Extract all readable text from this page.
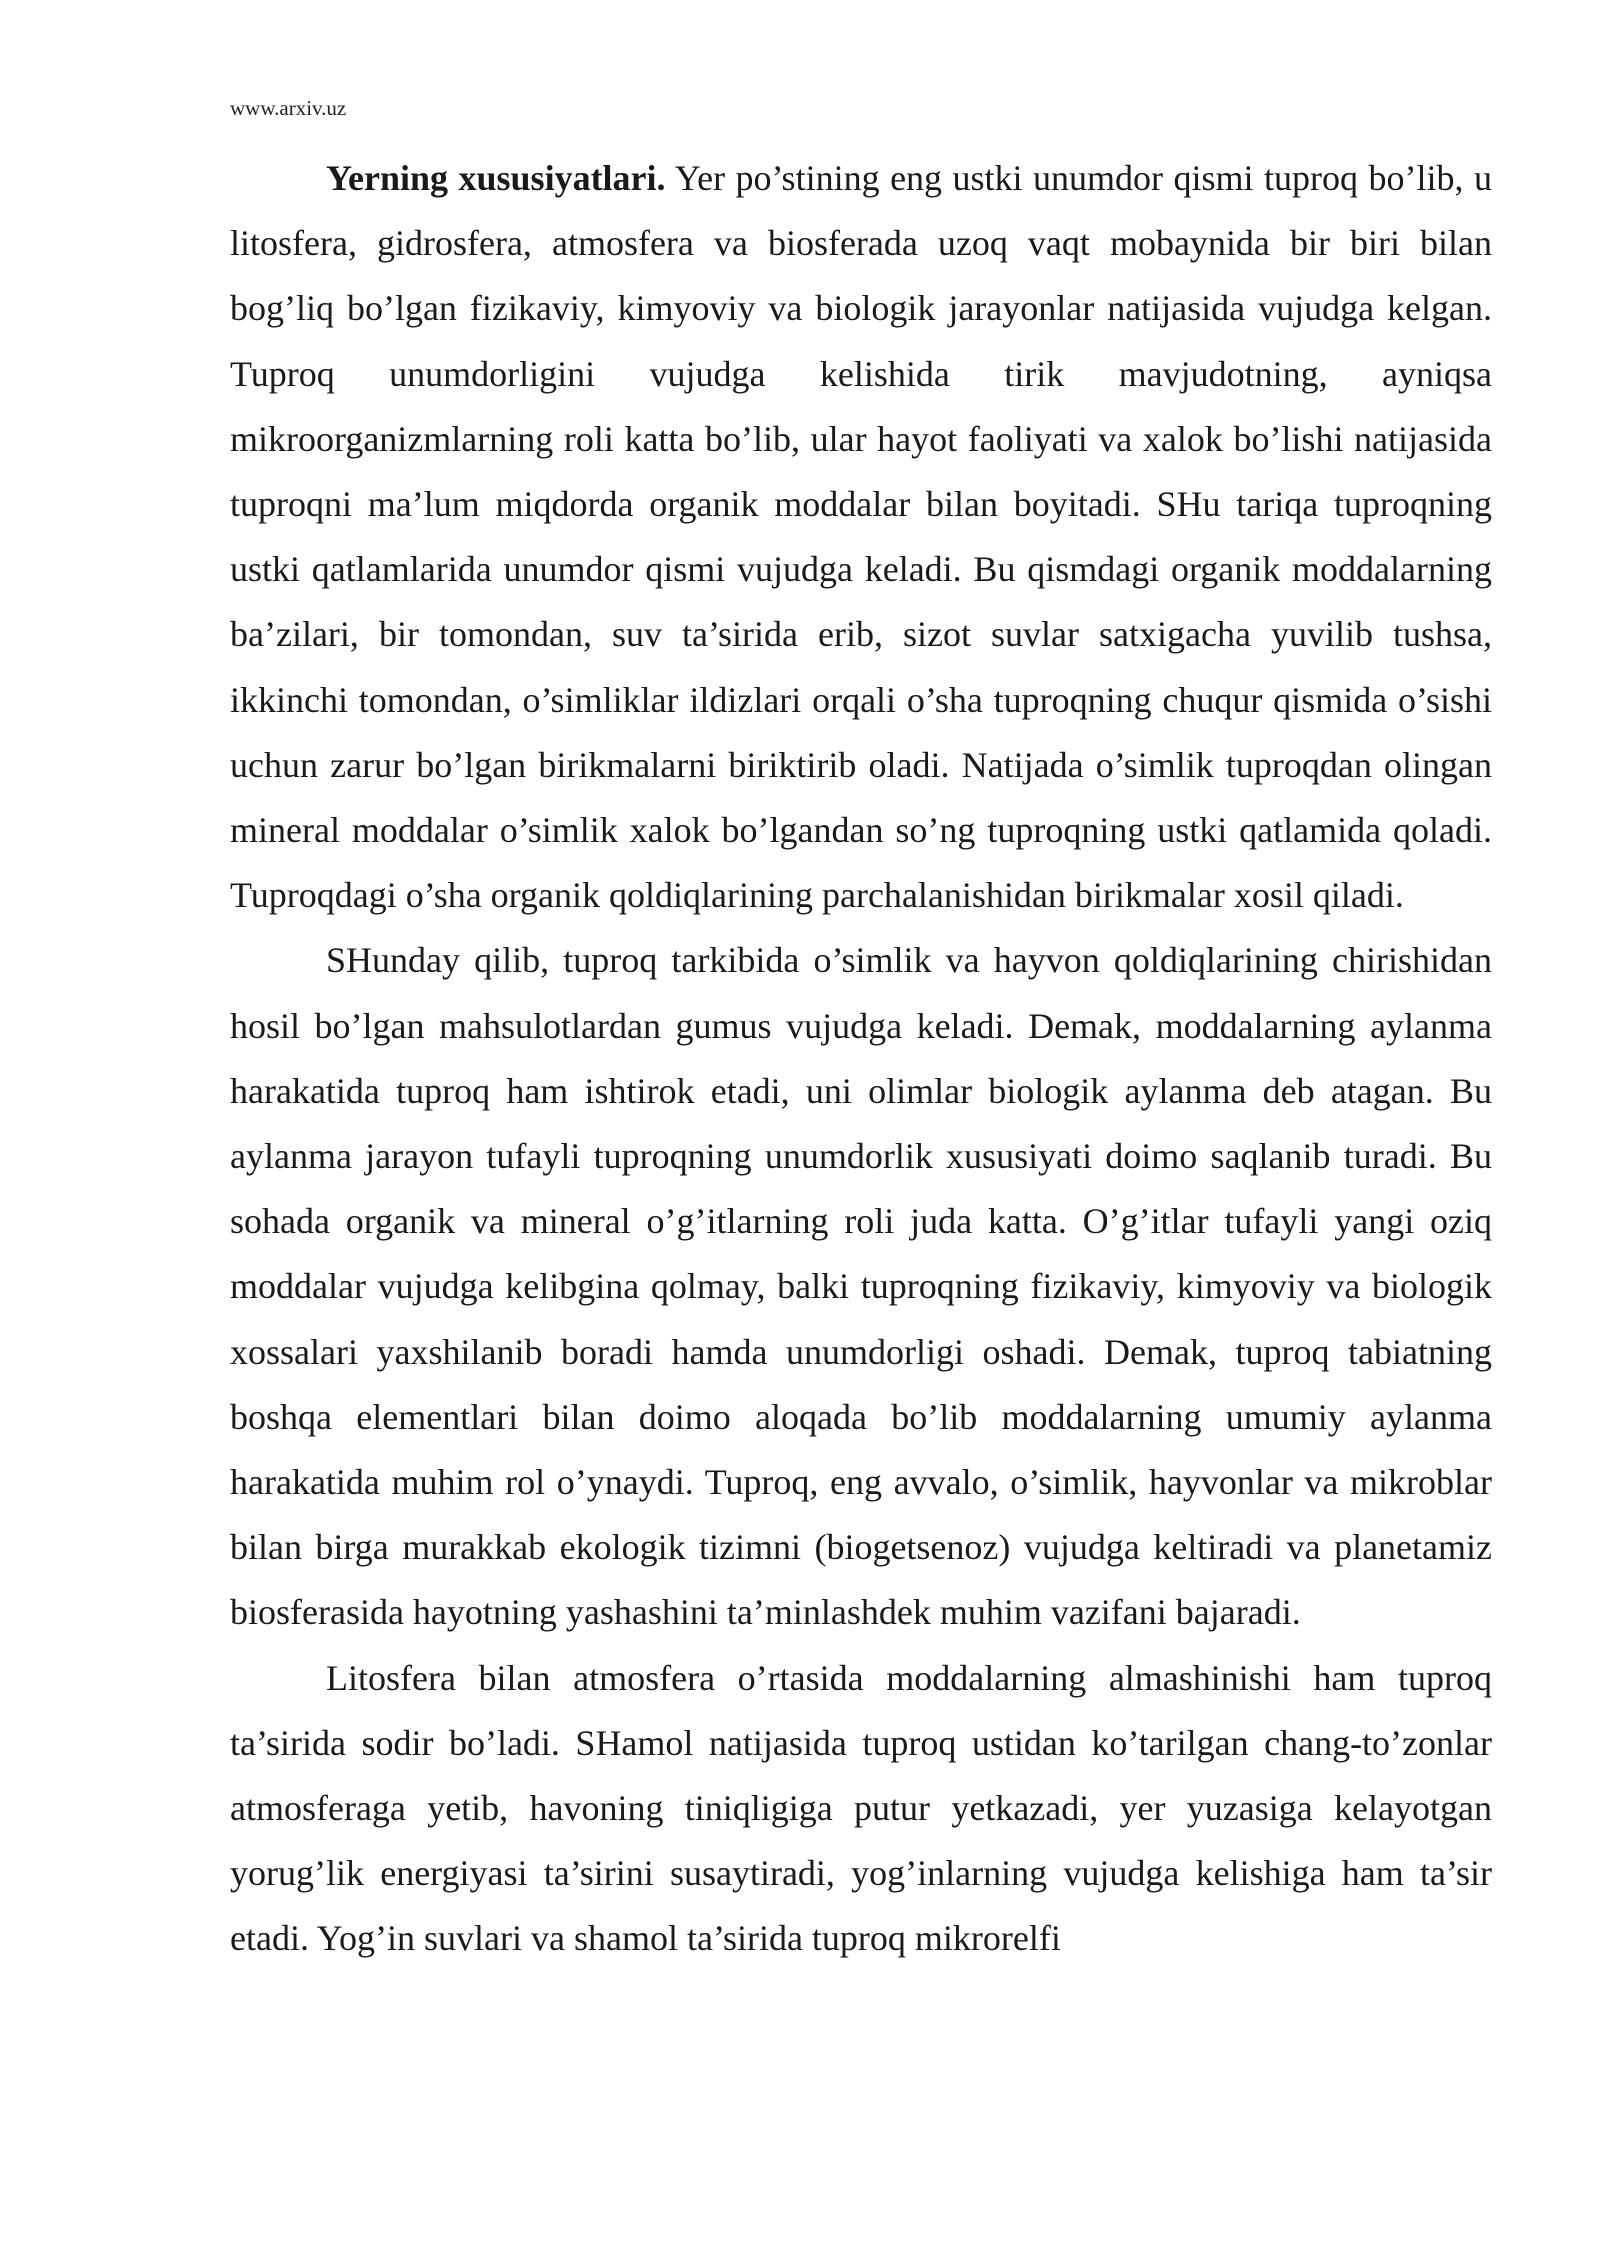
www.arxiv.uz

Yerning xususiyatlari. Yer po’stining eng ustki unumdor qismi tuproq bo’lib, u litosfera, gidrosfera, atmosfera va biosferada uzoq vaqt mobaynida bir biri bilan bog’liq bo’lgan fizikaviy, kimyoviy va biologik jarayonlar natijasida vujudga kelgan. Tuproq unumdorligini vujudga kelishida tirik mavjudotning, ayniqsa mikroorganizmlarning roli katta bo’lib, ular hayot faoliyati va xalok bo’lishi natijasida tuproqni ma’lum miqdorda organik moddalar bilan boyitadi. SHu tariqa tuproqning ustki qatlamlarida unumdor qismi vujudga keladi. Bu qismdagi organik moddalarning ba’zilari, bir tomondan, suv ta’sirida erib, sizot suvlar satxigacha yuvilib tushsa, ikkinchi tomondan, o’simliklar ildizlari orqali o’sha tuproqning chuqur qismida o’sishi uchun zarur bo’lgan birikmalarni biriktirib oladi. Natijada o’simlik tuproqdan olingan mineral moddalar o’simlik xalok bo’lgandan so’ng tuproqning ustki qatlamida qoladi. Tuproqdagi o’sha organik qoldiqlarining parchalanishidan birikmalar xosil qiladi.

SHunday qilib, tuproq tarkibida o’simlik va hayvon qoldiqlarining chirishidan hosil bo’lgan mahsulotlardan gumus vujudga keladi. Demak, moddalarning aylanma harakatida tuproq ham ishtirok etadi, uni olimlar biologik aylanma deb atagan. Bu aylanma jarayon tufayli tuproqning unumdorlik xususiyati doimo saqlanib turadi. Bu sohada organik va mineral o’g’itlarning roli juda katta. O’g’itlar tufayli yangi oziq moddalar vujudga kelibgina qolmay, balki tuproqning fizikaviy, kimyoviy va biologik xossalari yaxshilanib boradi hamda unumdorligi oshadi. Demak, tuproq tabiatning boshqa elementlari bilan doimo aloqada bo’lib moddalarning umumiy aylanma harakatida muhim rol o’ynaydi. Tuproq, eng avvalo, o’simlik, hayvonlar va mikroblar bilan birga murakkab ekologik tizimni (biogetsenoz) vujudga keltiradi va planetamiz biosferasida hayotning yashashini ta’minlashdek muhim vazifani bajaradi.

Litosfera bilan atmosfera o’rtasida moddalarning almashinishi ham tuproq ta’sirida sodir bo’ladi. SHamol natijasida tuproq ustidan ko’tarilgan chang-to’zonlar atmosferaga yetib, havoning tiniqligiga putur yetkazadi, yer yuzasiga kelayotgan yorug’lik energiyasi ta’sirini susaytiradi, yog’inlarning vujudga kelishiga ham ta’sir etadi. Yog’in suvlari va shamol ta’sirida tuproq mikrorelfi
